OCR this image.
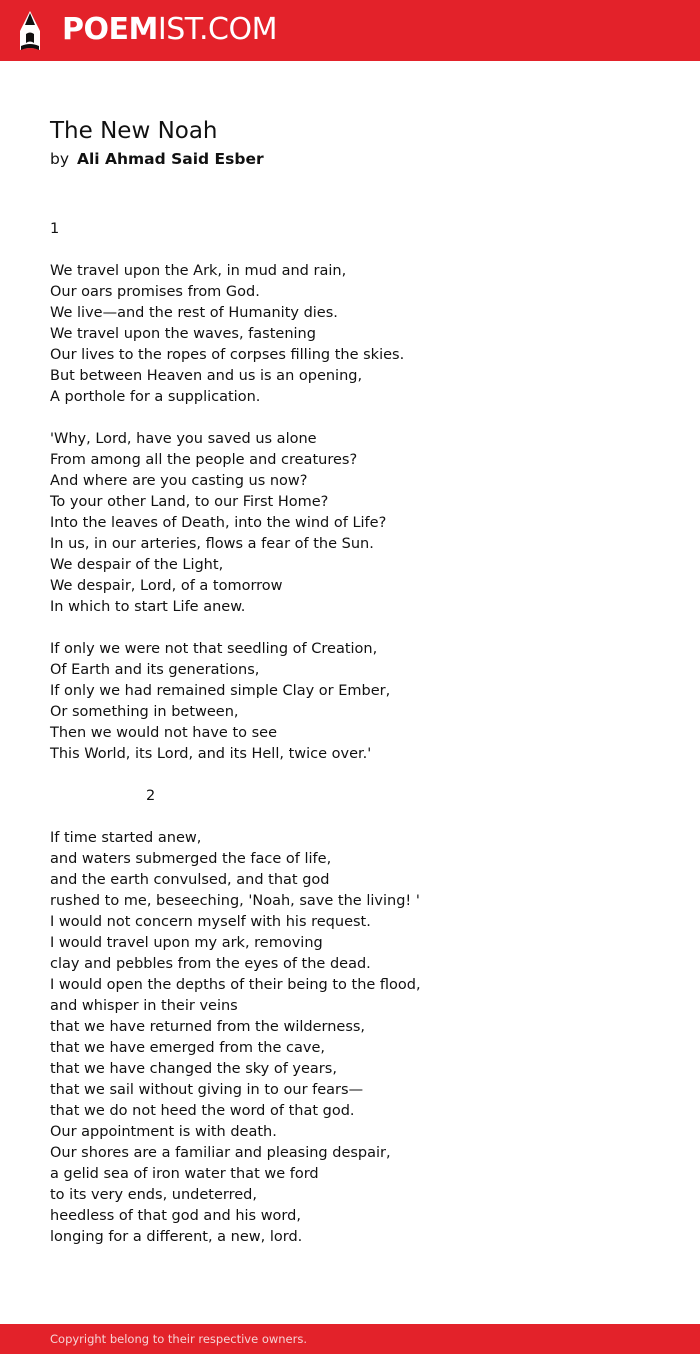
POEMIST.COM
The New Noah
by Ali Ahmad Said Esber
1
We travel upon the Ark, in mud and rain,
Our oars promises from God.
We live—and the rest of Humanity dies.
We travel upon the waves, fastening
Our lives to the ropes of corpses filling the skies.
But between Heaven and us is an opening,
A porthole for a supplication.
'Why, Lord, have you saved us alone
From among all the people and creatures?
And where are you casting us now?
To your other Land, to our First Home?
Into the leaves of Death, into the wind of Life?
In us, in our arteries, flows a fear of the Sun.
We despair of the Light,
We despair, Lord, of a tomorrow
In which to start Life anew.
If only we were not that seedling of Creation,
Of Earth and its generations,
If only we had remained simple Clay or Ember,
Or something in between,
Then we would not have to see
This World, its Lord, and its Hell, twice over.'
2
If time started anew,
and waters submerged the face of life,
and the earth convulsed, and that god
rushed to me, beseeching, 'Noah, save the living! '
I would not concern myself with his request.
I would travel upon my ark, removing
clay and pebbles from the eyes of the dead.
I would open the depths of their being to the flood,
and whisper in their veins
that we have returned from the wilderness,
that we have emerged from the cave,
that we have changed the sky of years,
that we sail without giving in to our fears—
that we do not heed the word of that god.
Our appointment is with death.
Our shores are a familiar and pleasing despair,
a gelid sea of iron water that we ford
to its very ends, undeterred,
heedless of that god and his word,
longing for a different, a new, lord.
Copyright belong to their respective owners.
